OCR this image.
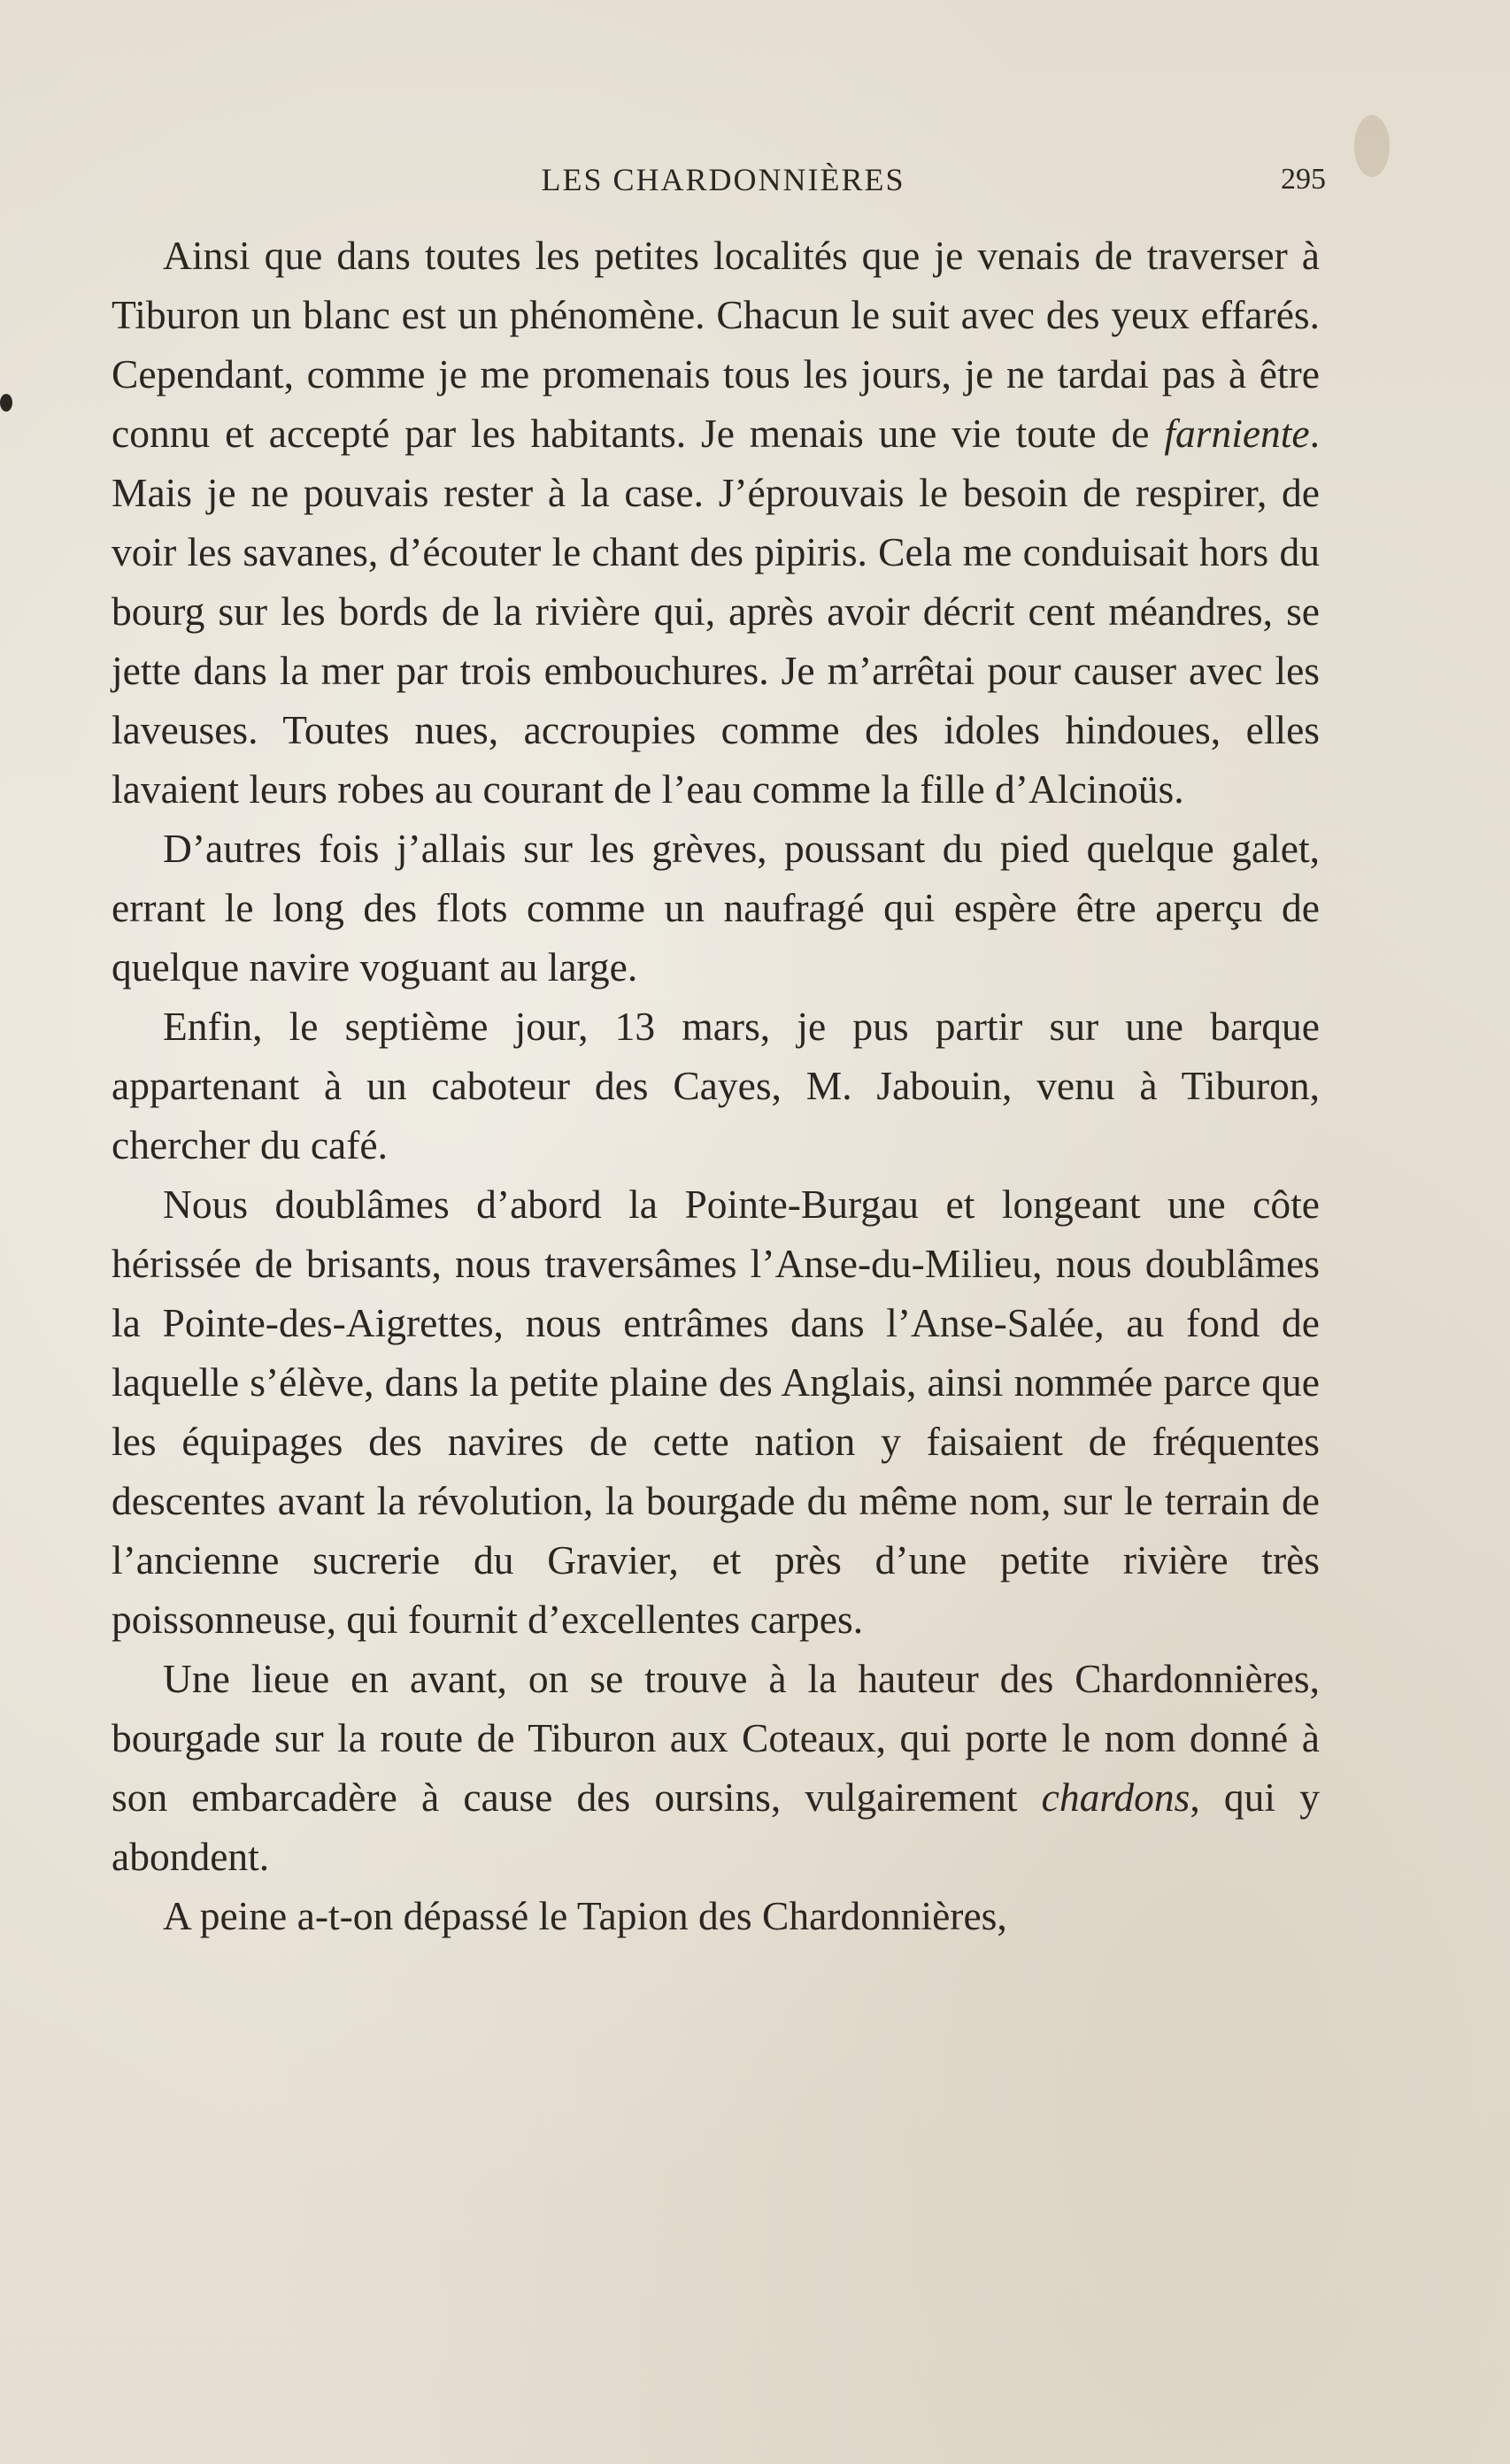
LES CHARDONNIÈRES	295

Ainsi que dans toutes les petites localités que je venais de traverser à Tiburon un blanc est un phénomène. Chacun le suit avec des yeux effarés. Cependant, comme je me promenais tous les jours, je ne tardai pas à être connu et accepté par les habitants. Je menais une vie toute de farniente. Mais je ne pouvais rester à la case. J’éprouvais le besoin de respirer, de voir les savanes, d’écouter le chant des pipiris. Cela me conduisait hors du bourg sur les bords de la rivière qui, après avoir décrit cent méandres, se jette dans la mer par trois embouchures. Je m’arrêtai pour causer avec les laveuses. Toutes nues, accroupies comme des idoles hindoues, elles lavaient leurs robes au courant de l’eau comme la fille d’Alcinoüs.

D’autres fois j’allais sur les grèves, poussant du pied quelque galet, errant le long des flots comme un naufragé qui espère être aperçu de quelque navire voguant au large.

Enfin, le septième jour, 13 mars, je pus partir sur une barque appartenant à un caboteur des Cayes, M. Jabouin, venu à Tiburon, chercher du café.

Nous doublâmes d’abord la Pointe-Burgau et longeant une côte hérissée de brisants, nous traversâmes l’Anse-du-Milieu, nous doublâmes la Pointe-des-Aigrettes, nous entrâmes dans l’Anse-Salée, au fond de laquelle s’élève, dans la petite plaine des Anglais, ainsi nommée parce que les équipages des navires de cette nation y faisaient de fréquentes descentes avant la révolution, la bourgade du même nom, sur le terrain de l’ancienne sucrerie du Gravier, et près d’une petite rivière très poissonneuse, qui fournit d’excellentes carpes.

Une lieue en avant, on se trouve à la hauteur des Chardonnières, bourgade sur la route de Tiburon aux Coteaux, qui porte le nom donné à son embarcadère à cause des oursins, vulgairement chardons, qui y abondent.

A peine a-t-on dépassé le Tapion des Chardonnières,
